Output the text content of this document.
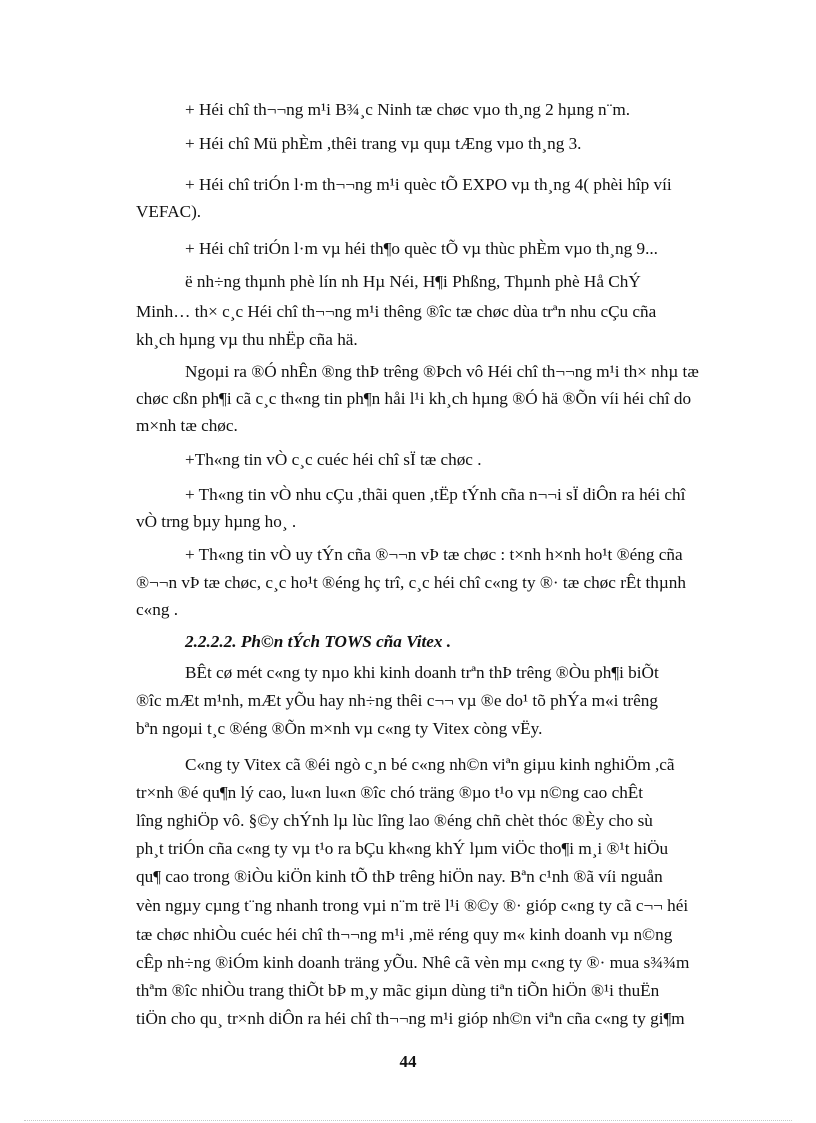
+ Héi chî th¬¬ng m¹i B¾¸c Ninh tæ chøc vµo th¸ng 2 hµng n¨m.
+ Héi chî Mü phÈm ,thêi trang vµ quµ tÆng vµo th¸ng 3.
+ Héi chî triÓn l·m th¬¬ng m¹i quèc tÕ EXPO vµ th¸ng 4( phèi hîp víi
VEFAC).
+ Héi chî triÓn l·m vµ héi th¶o quèc tÕ vµ thùc phÈm vµo th¸ng 9...
ë nh÷ng thµnh phè lín nh Hµ Néi, H¶i Phßng, Thµnh phè Hå ChÝ
Minh… th× c¸c Héi chî th¬¬ng m¹i thêng ®îc tæ chøc dùa trªn nhu cÇu cña
kh¸ch hµng vµ thu nhËp cña hä.
Ngoµi ra ®Ó nhÊn ®ng thÞ trêng ®Þch vô Héi chî th¬¬ng m¹i th× nhµ tæ
chøc cßn ph¶i cã c¸c th«ng tin ph¶n håi l¹i kh¸ch hµng ®Ó hä ®Õn víi héi chî do
m×nh tæ chøc.
+Th«ng tin vÒ c¸c cuéc héi chî sÏ tæ chøc .
+ Th«ng tin vÒ nhu cÇu ,thãi quen ,tËp tÝnh cña n¬¬i sÏ diÔn ra héi chî
vÒ trng bµy hµng ho¸ .
+ Th«ng tin vÒ uy tÝn cña ®¬¬n vÞ tæ chøc : t×nh h×nh ho¹t ®éng cña
®¬¬n vÞ tæ chøc, c¸c ho¹t ®éng hç trî, c¸c héi chî c«ng ty ®· tæ chøc rÊt thµnh
c«ng .
2.2.2.2. Ph©n tÝch TOWS cña Vitex .
BÊt cø mét c«ng ty nµo khi kinh doanh trªn thÞ trêng ®Òu ph¶i biÕt
®îc mÆt m¹nh, mÆt yÕu hay nh÷ng thêi c¬¬ vµ ®e do¹ tõ phÝa m«i trêng
bªn ngoµi t¸c ®éng ®Õn m×nh vµ c«ng ty Vitex còng vËy.
C«ng ty Vitex cã ®éi ngò c¸n bé c«ng nh©n viªn giµu kinh nghiÖm ,cã
tr×nh ®é qu¶n lý cao, lu«n lu«n ®îc chó träng ®µo t¹o vµ n©ng cao chÊt
lîng nghiÖp vô. §©y chÝnh lµ lùc lîng lao ®éng chñ chèt thóc ®Èy cho sù
ph¸t triÓn cña c«ng ty vµ t¹o ra bÇu kh«ng khÝ lµm viÖc tho¶i m¸i ®¹t hiÖu
qu¶ cao trong ®iÒu kiÖn kinh tÕ thÞ trêng hiÖn nay. Bªn c¹nh ®ã víi nguån
vèn ngµy cµng t¨ng nhanh trong vµi n¨m trë l¹i ®©y ®· gióp c«ng ty cã c¬¬ héi
tæ chøc nhiÒu cuéc héi chî th¬¬ng m¹i ,më réng quy m« kinh doanh vµ n©ng
cÊp nh÷ng ®iÓm kinh doanh träng yÕu. Nhê cã vèn mµ c«ng ty ®· mua s¾¾m
thªm ®îc nhiÒu trang thiÕt bÞ m¸y mãc giµn dùng tiªn tiÕn hiÖn ®¹i thuËn
tiÖn cho qu¸ tr×nh diÔn ra héi chî th¬¬ng m¹i gióp nh©n viªn cña c«ng ty gi¶m
44
